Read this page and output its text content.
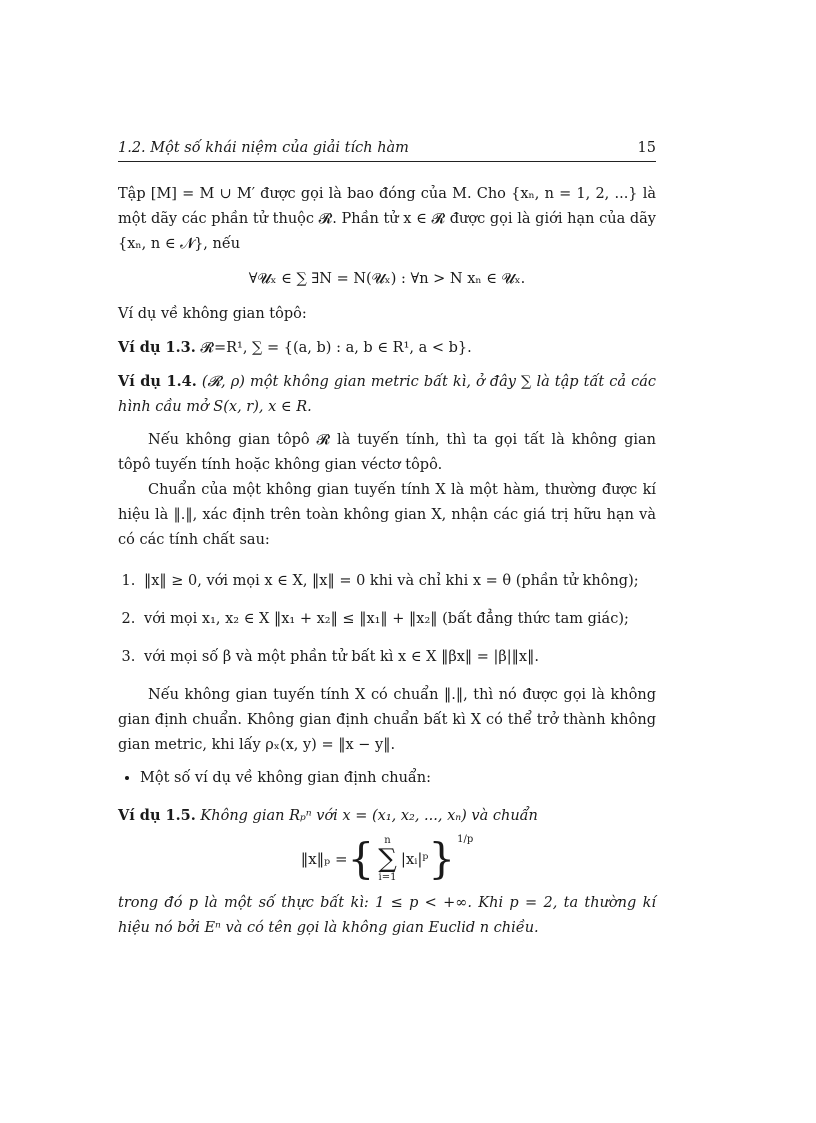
1.2. Một số khái niệm của giải tích hàm	15

Tập [M] = M ∪ M′ được gọi là bao đóng của M. Cho {xₙ, n = 1, 2, ...} là một dãy các phần tử thuộc 𝓡. Phần tử x ∈ 𝓡 được gọi là giới hạn của dãy {xₙ, n ∈ 𝓝}, nếu

∀𝓤ₓ ∈ ∑ ∃N = N(𝓤ₓ) : ∀n > N xₙ ∈ 𝓤ₓ.

Ví dụ về không gian tôpô:

Ví dụ 1.3. 𝓡=R¹, ∑ = {(a, b) : a, b ∈ R¹, a < b}.

Ví dụ 1.4. (𝓡, ρ) một không gian metric bất kì, ở đây ∑ là tập tất cả các hình cầu mở S(x, r), x ∈ R.

Nếu không gian tôpô 𝓡 là tuyến tính, thì ta gọi tất là không gian tôpô tuyến tính hoặc không gian véctơ tôpô.

Chuẩn của một không gian tuyến tính X là một hàm, thường được kí hiệu là ‖.‖, xác định trên toàn không gian X, nhận các giá trị hữu hạn và có các tính chất sau:

1. ‖x‖ ≥ 0, với mọi x ∈ X, ‖x‖ = 0 khi và chỉ khi x = θ (phần tử không);
2. với mọi x₁, x₂ ∈ X ‖x₁ + x₂‖ ≤ ‖x₁‖ + ‖x₂‖ (bất đẳng thức tam giác);
3. với mọi số β và một phần tử bất kì x ∈ X ‖βx‖ = |β|‖x‖.

Nếu không gian tuyến tính X có chuẩn ‖.‖, thì nó được gọi là không gian định chuẩn. Không gian định chuẩn bất kì X có thể trở thành không gian metric, khi lấy ρₓ(x, y) = ‖x − y‖.

• Một số ví dụ về không gian định chuẩn:

Ví dụ 1.5. Không gian Rₚⁿ với x = (x₁, x₂, ..., xₙ) và chuẩn

‖x‖ₚ = { n
∑
i=1
|xᵢ|ᵖ } 1/p

trong đó p là một số thực bất kì: 1 ≤ p < +∞. Khi p = 2, ta thường kí hiệu nó bởi Eⁿ và có tên gọi là không gian Euclid n chiều.
